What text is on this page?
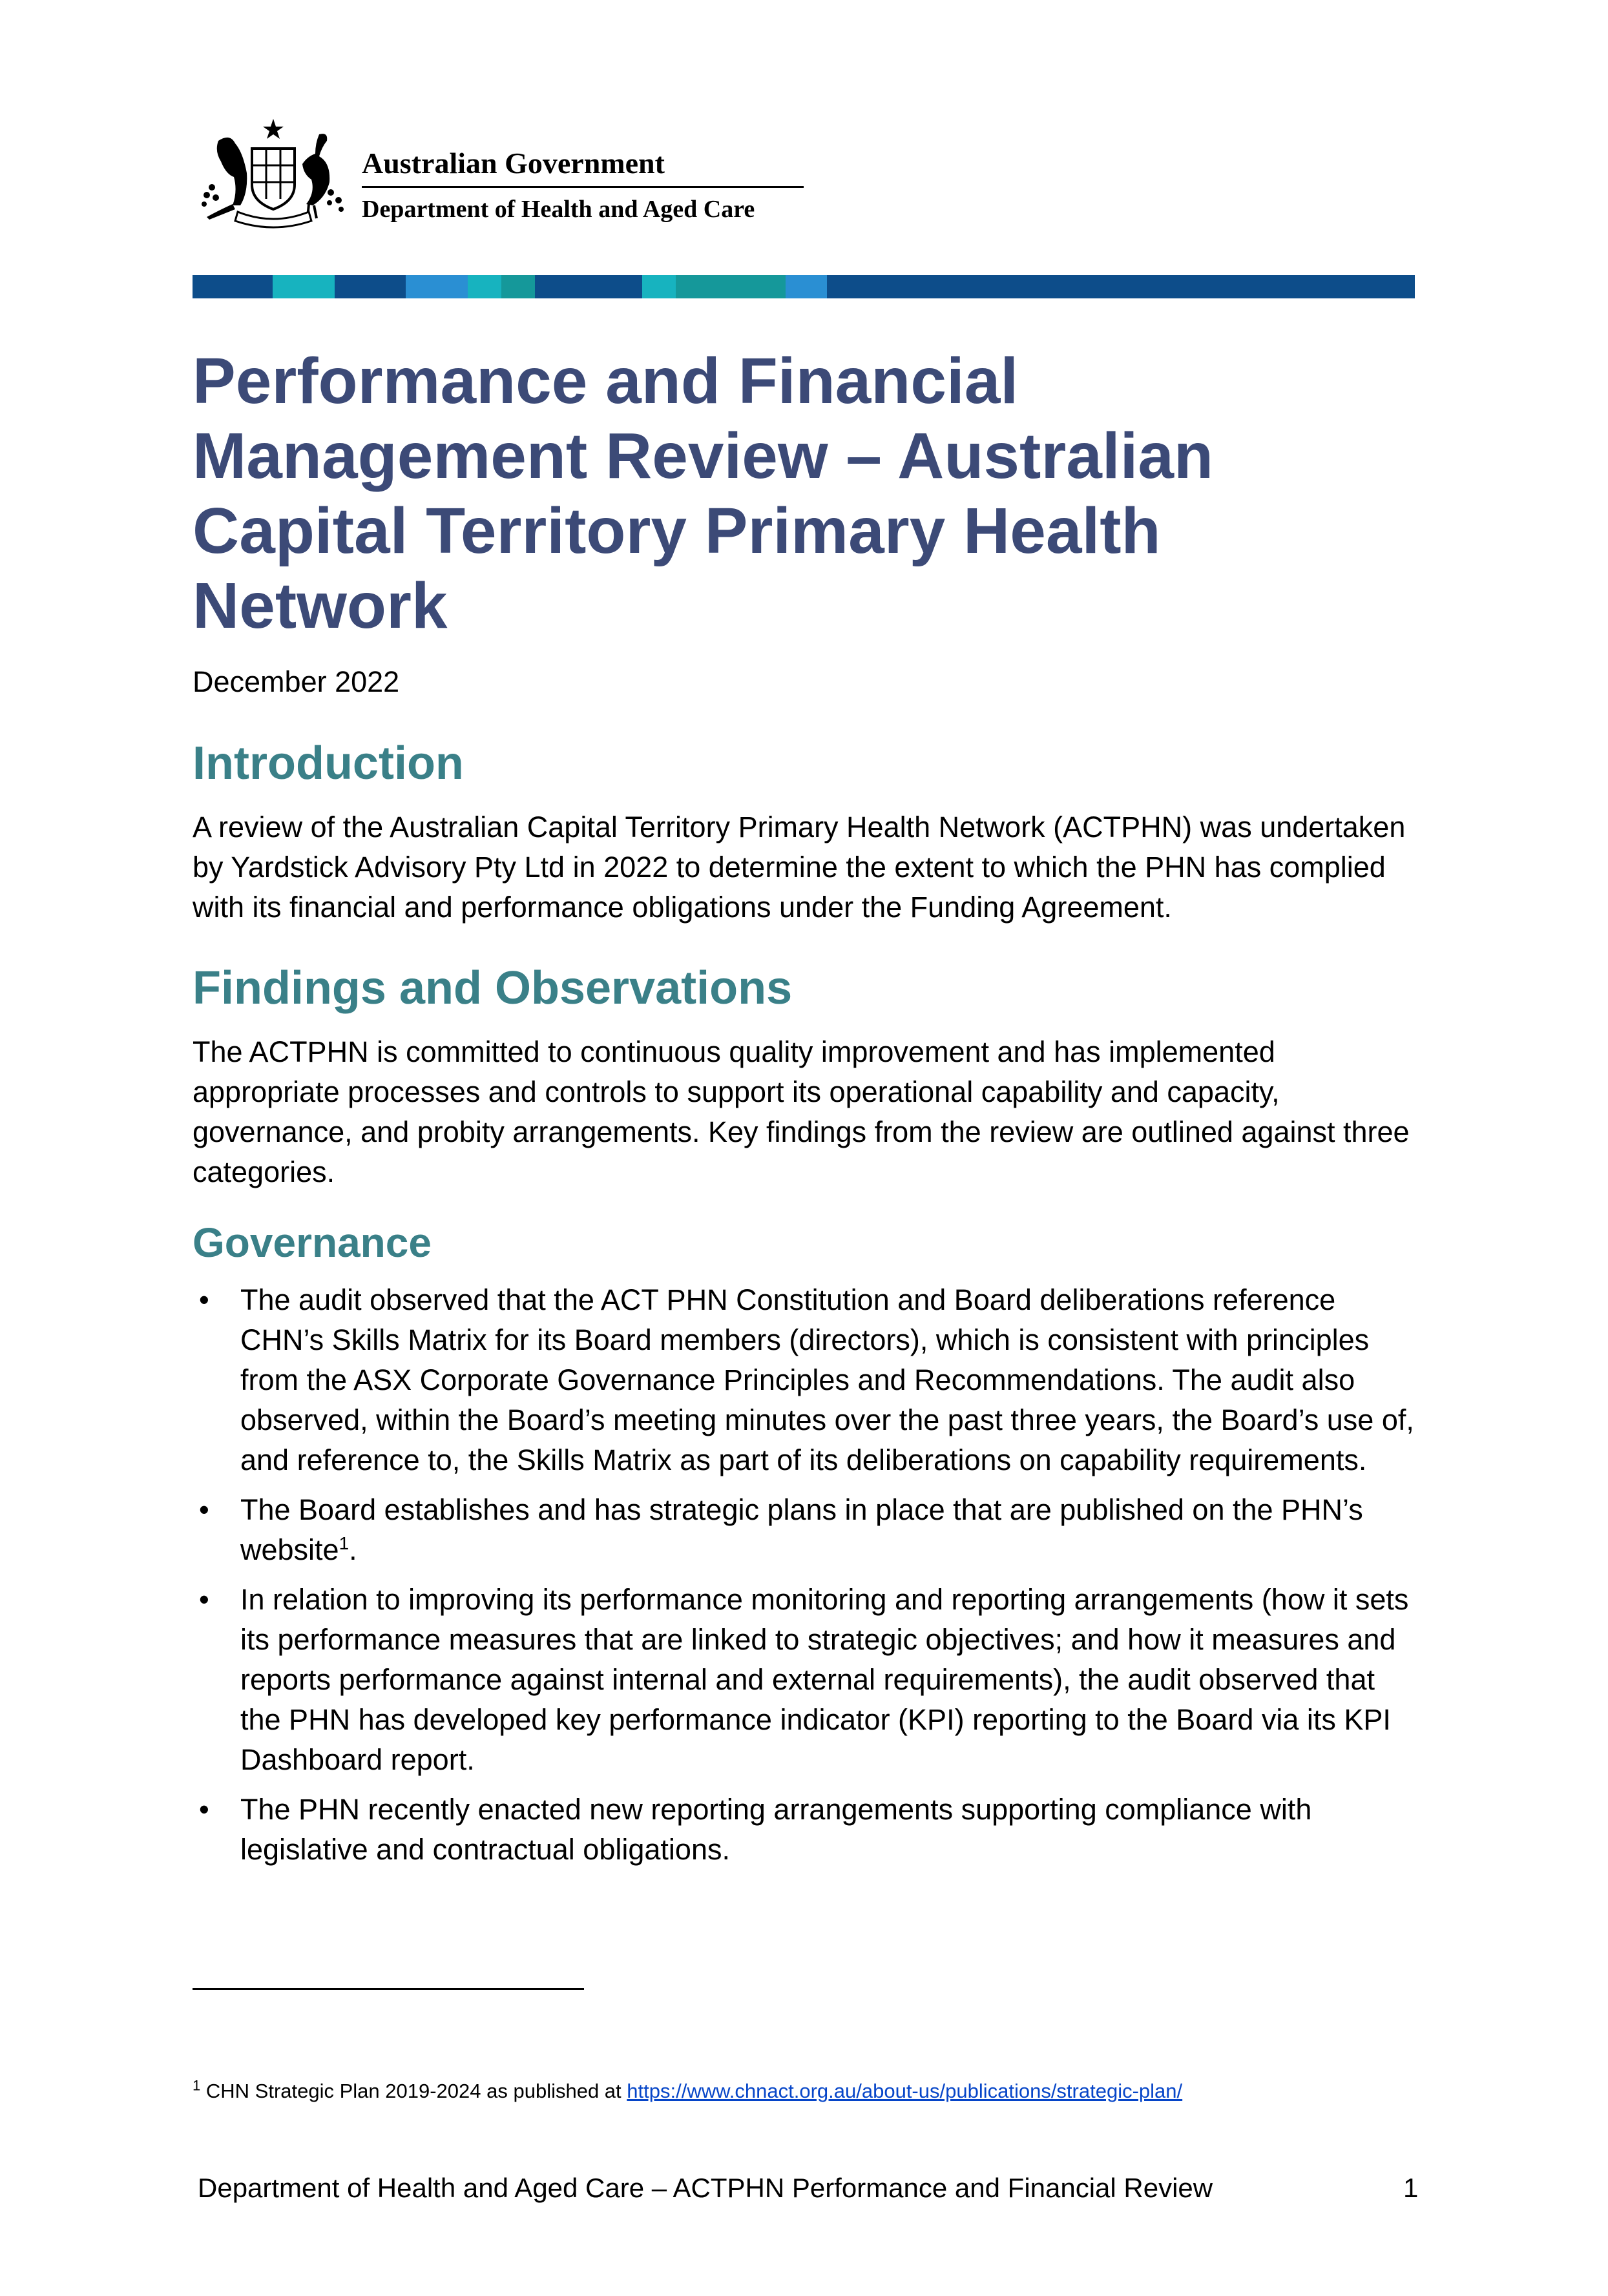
Australian Government
Department of Health and Aged Care
Performance and Financial Management Review – Australian Capital Territory Primary Health Network
December 2022
Introduction

A review of the Australian Capital Territory Primary Health Network (ACTPHN) was undertaken by Yardstick Advisory Pty Ltd in 2022 to determine the extent to which the PHN has complied with its financial and performance obligations under the Funding Agreement.

Findings and Observations

The ACTPHN is committed to continuous quality improvement and has implemented appropriate processes and controls to support its operational capability and capacity, governance, and probity arrangements. Key findings from the review are outlined against three categories.

Governance
• The audit observed that the ACT PHN Constitution and Board deliberations reference CHN’s Skills Matrix for its Board members (directors), which is consistent with principles from the ASX Corporate Governance Principles and Recommendations. The audit also observed, within the Board’s meeting minutes over the past three years, the Board’s use of, and reference to, the Skills Matrix as part of its deliberations on capability requirements.
• The Board establishes and has strategic plans in place that are published on the PHN’s website$^1$.
• In relation to improving its performance monitoring and reporting arrangements (how it sets its performance measures that are linked to strategic objectives; and how it measures and reports performance against internal and external requirements), the audit observed that the PHN has developed key performance indicator (KPI) reporting to the Board via its KPI Dashboard report.
• The PHN recently enacted new reporting arrangements supporting compliance with legislative and contractual obligations.
$^1$ CHN Strategic Plan 2019-2024 as published at https://www.chnact.org.au/about-us/publications/strategic-plan/
Department of Health and Aged Care – ACTPHN Performance and Financial Review	1
